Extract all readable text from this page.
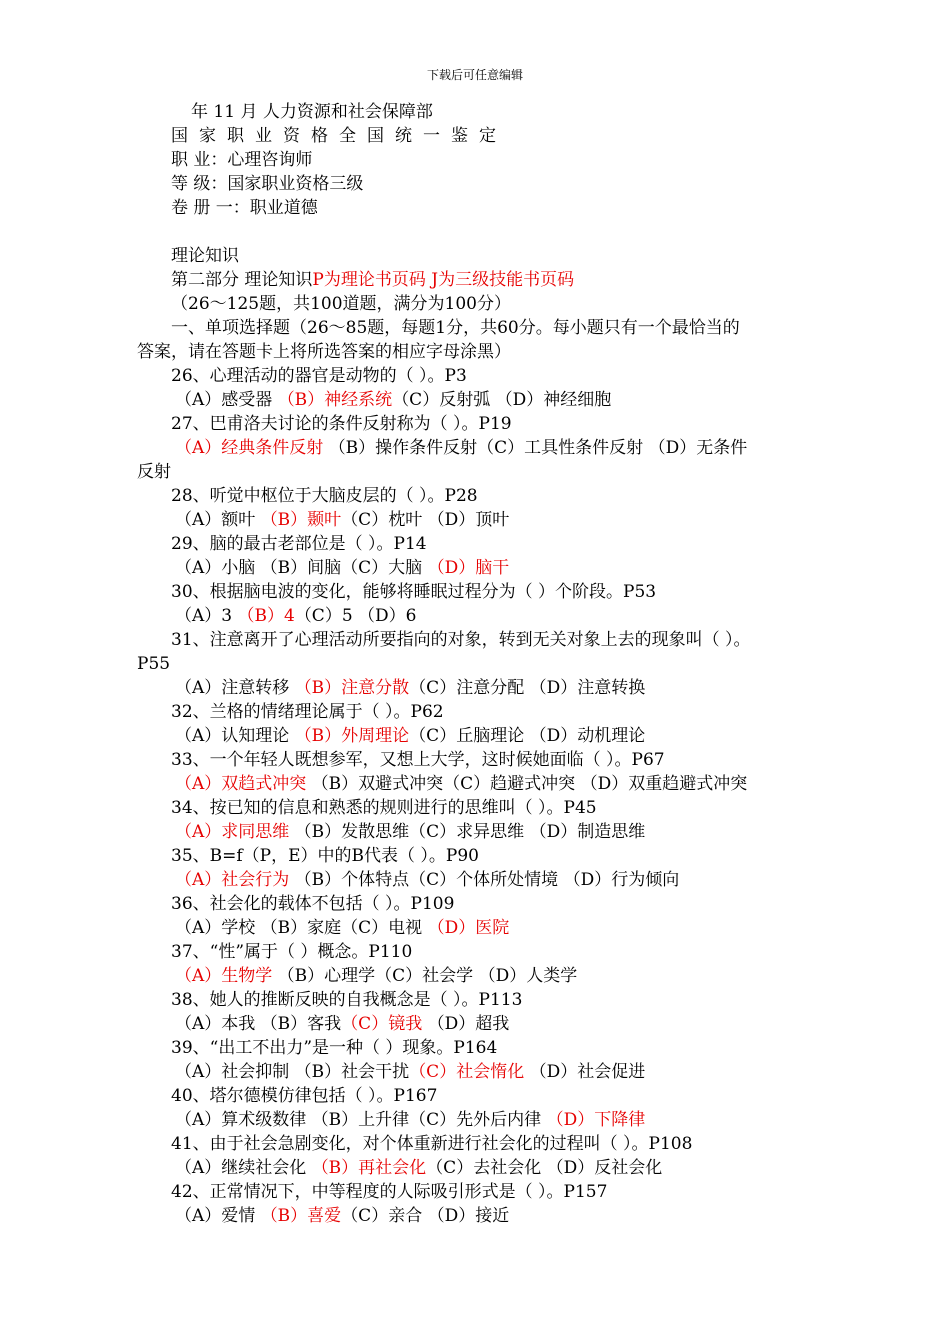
下载后可任意编辑
年 11 月 人力资源和社会保障部
国家职业资格全国统一鉴定
职 业：心理咨询师
等 级：国家职业资格三级
卷 册 一：职业道德
理论知识
第二部分 理论知识P为理论书页码 J为三级技能书页码
（26～125题，共100道题，满分为100分）
一、单项选择题（26～85题，每题1分，共60分。每小题只有一个最恰当的
答案，请在答题卡上将所选答案的相应字母涂黑）
26、心理活动的器官是动物的（ ）。P3
（A）感受器 （B）神经系统（C）反射弧 （D）神经细胞
27、巴甫洛夫讨论的条件反射称为（ ）。P19
（A）经典条件反射 （B）操作条件反射（C）工具性条件反射 （D）无条件
反射
28、听觉中枢位于大脑皮层的（ ）。P28
（A）额叶 （B）颞叶（C）枕叶 （D）顶叶
29、脑的最古老部位是（ ）。P14
（A）小脑 （B）间脑（C）大脑 （D）脑干
30、根据脑电波的变化，能够将睡眠过程分为（ ）个阶段。P53
（A）3 （B）4（C）5 （D）6
31、注意离开了心理活动所要指向的对象，转到无关对象上去的现象叫（ ）。
P55
（A）注意转移 （B）注意分散（C）注意分配 （D）注意转换
32、兰格的情绪理论属于（ ）。P62
（A）认知理论 （B）外周理论（C）丘脑理论 （D）动机理论
33、一个年轻人既想参军，又想上大学，这时候她面临（ ）。P67
（A）双趋式冲突 （B）双避式冲突（C）趋避式冲突 （D）双重趋避式冲突
34、按已知的信息和熟悉的规则进行的思维叫（ ）。P45
（A）求同思维 （B）发散思维（C）求异思维 （D）制造思维
35、B=f（P，E）中的B代表（ ）。P90
（A）社会行为 （B）个体特点（C）个体所处情境 （D）行为倾向
36、社会化的载体不包括（ ）。P109
（A）学校 （B）家庭（C）电视 （D）医院
37、“性”属于（ ）概念。P110
（A）生物学 （B）心理学（C）社会学 （D）人类学
38、她人的推断反映的自我概念是（ ）。P113
（A）本我 （B）客我（C）镜我 （D）超我
39、“出工不出力”是一种（ ）现象。P164
（A）社会抑制 （B）社会干扰（C）社会惰化 （D）社会促进
40、塔尔德模仿律包括（ ）。P167
（A）算术级数律 （B）上升律（C）先外后内律 （D）下降律
41、由于社会急剧变化，对个体重新进行社会化的过程叫（ ）。P108
（A）继续社会化 （B）再社会化（C）去社会化 （D）反社会化
42、正常情况下，中等程度的人际吸引形式是（ ）。P157
（A）爱情 （B）喜爱（C）亲合 （D）接近
